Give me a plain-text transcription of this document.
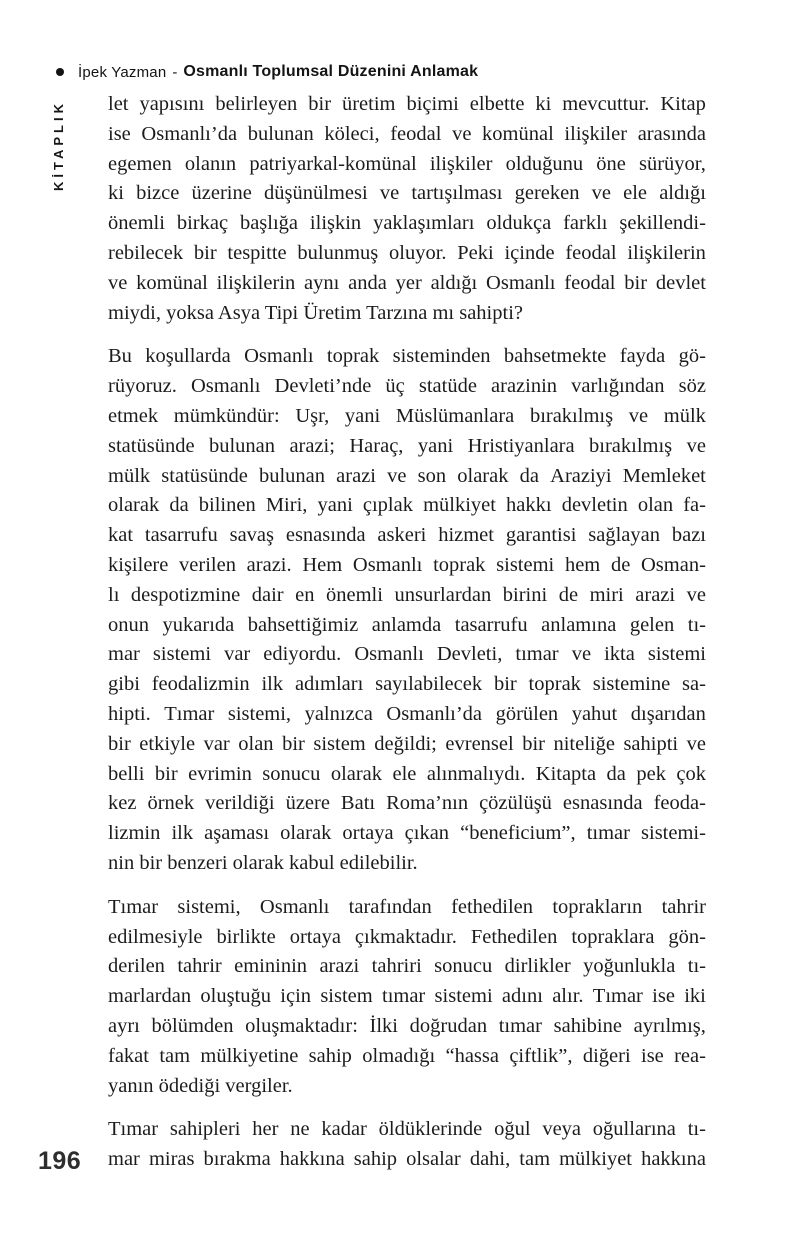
İpek Yazman - Osmanlı Toplumsal Düzenini Anlamak
KİTAPLIK let yapısını belirleyen bir üretim biçimi elbette ki mevcuttur. Kitap
ise Osmanlı’da bulunan köleci, feodal ve komünal ilişkiler arasında
egemen olanın patriyarkal-komünal ilişkiler olduğunu öne sürüyor,
ki bizce üzerine düşünülmesi ve tartışılması gereken ve ele aldığı
önemli birkaç başlığa ilişkin yaklaşımları oldukça farklı şekillendi-
rebilecek bir tespitte bulunmuş oluyor. Peki içinde feodal ilişkilerin
ve komünal ilişkilerin aynı anda yer aldığı Osmanlı feodal bir devlet
miydi, yoksa Asya Tipi Üretim Tarzına mı sahipti?
Bu koşullarda Osmanlı toprak sisteminden bahsetmekte fayda gö-
rüyoruz. Osmanlı Devleti’nde üç statüde arazinin varlığından söz
etmek mümkündür: Uşr, yani Müslümanlara bırakılmış ve mülk
statüsünde bulunan arazi; Haraç, yani Hristiyanlara bırakılmış ve
mülk statüsünde bulunan arazi ve son olarak da Araziyi Memleket
olarak da bilinen Miri, yani çıplak mülkiyet hakkı devletin olan fa-
kat tasarrufu savaş esnasında askeri hizmet garantisi sağlayan bazı
kişilere verilen arazi. Hem Osmanlı toprak sistemi hem de Osman-
lı despotizmine dair en önemli unsurlardan birini de miri arazi ve
onun yukarıda bahsettiğimiz anlamda tasarrufu anlamına gelen tı-
mar sistemi var ediyordu. Osmanlı Devleti, tımar ve ikta sistemi
gibi feodalizmin ilk adımları sayılabilecek bir toprak sistemine sa-
hipti. Tımar sistemi, yalnızca Osmanlı’da görülen yahut dışarıdan
bir etkiyle var olan bir sistem değildi; evrensel bir niteliğe sahipti ve
belli bir evrimin sonucu olarak ele alınmalıydı. Kitapta da pek çok
kez örnek verildiği üzere Batı Roma’nın çözülüşü esnasında feoda-
lizmin ilk aşaması olarak ortaya çıkan “beneficium”, tımar sistemi-
nin bir benzeri olarak kabul edilebilir.
Tımar sistemi, Osmanlı tarafından fethedilen toprakların tahrir
edilmesiyle birlikte ortaya çıkmaktadır. Fethedilen topraklara gön-
derilen tahrir emininin arazi tahriri sonucu dirlikler yoğunlukla tı-
marlardan oluştuğu için sistem tımar sistemi adını alır. Tımar ise iki
ayrı bölümden oluşmaktadır: İlki doğrudan tımar sahibine ayrılmış,
fakat tam mülkiyetine sahip olmadığı “hassa çiftlik”, diğeri ise rea-
yanın ödediği vergiler.
Tımar sahipleri her ne kadar öldüklerinde oğul veya oğullarına tı-
mar miras bırakma hakkına sahip olsalar dahi, tam mülkiyet hakkına
196
